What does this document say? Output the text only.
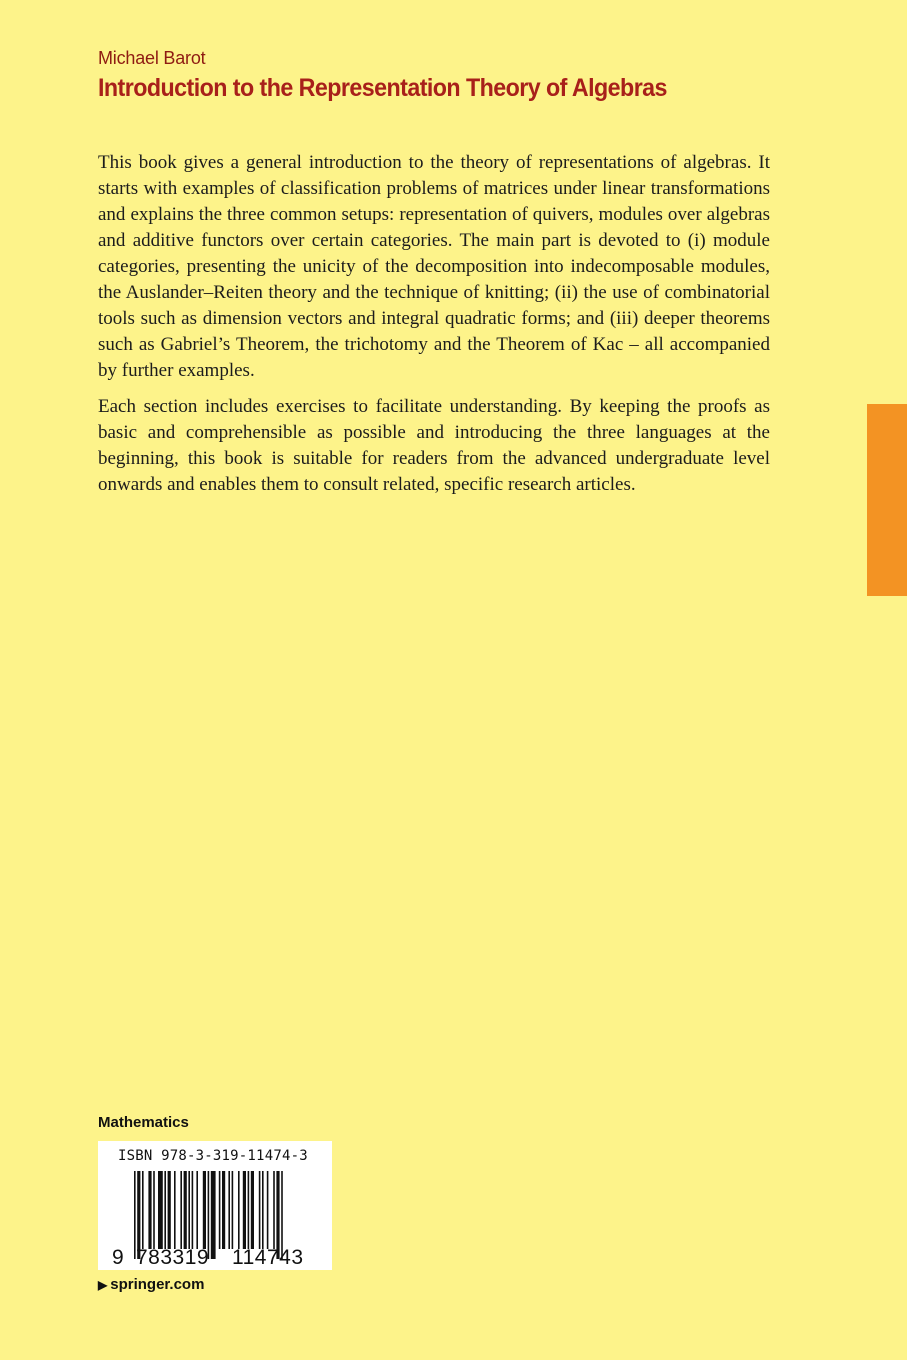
Michael Barot
Introduction to the Representation Theory of Algebras

This book gives a general introduction to the theory of representations of algebras. It starts with examples of classification problems of matrices under linear transformations and explains the three common setups: representation of quivers, modules over algebras and additive functors over certain categories. The main part is devoted to (i) module categories, presenting the unicity of the decomposition into indecomposable modules, the Auslander–Reiten theory and the technique of knitting; (ii) the use of combinatorial tools such as dimension vectors and integral quadratic forms; and (iii) deeper theorems such as Gabriel’s Theorem, the trichotomy and the Theorem of Kac – all accompanied by further examples.

Each section includes exercises to facilitate understanding. By keeping the proofs as basic and comprehensible as possible and introducing the three languages at the beginning, this book is suitable for readers from the advanced undergraduate level onwards and enables them to consult related, specific research articles.

Mathematics
ISBN 978-3-319-11474-3
9 783319 114743
▶ springer.com
